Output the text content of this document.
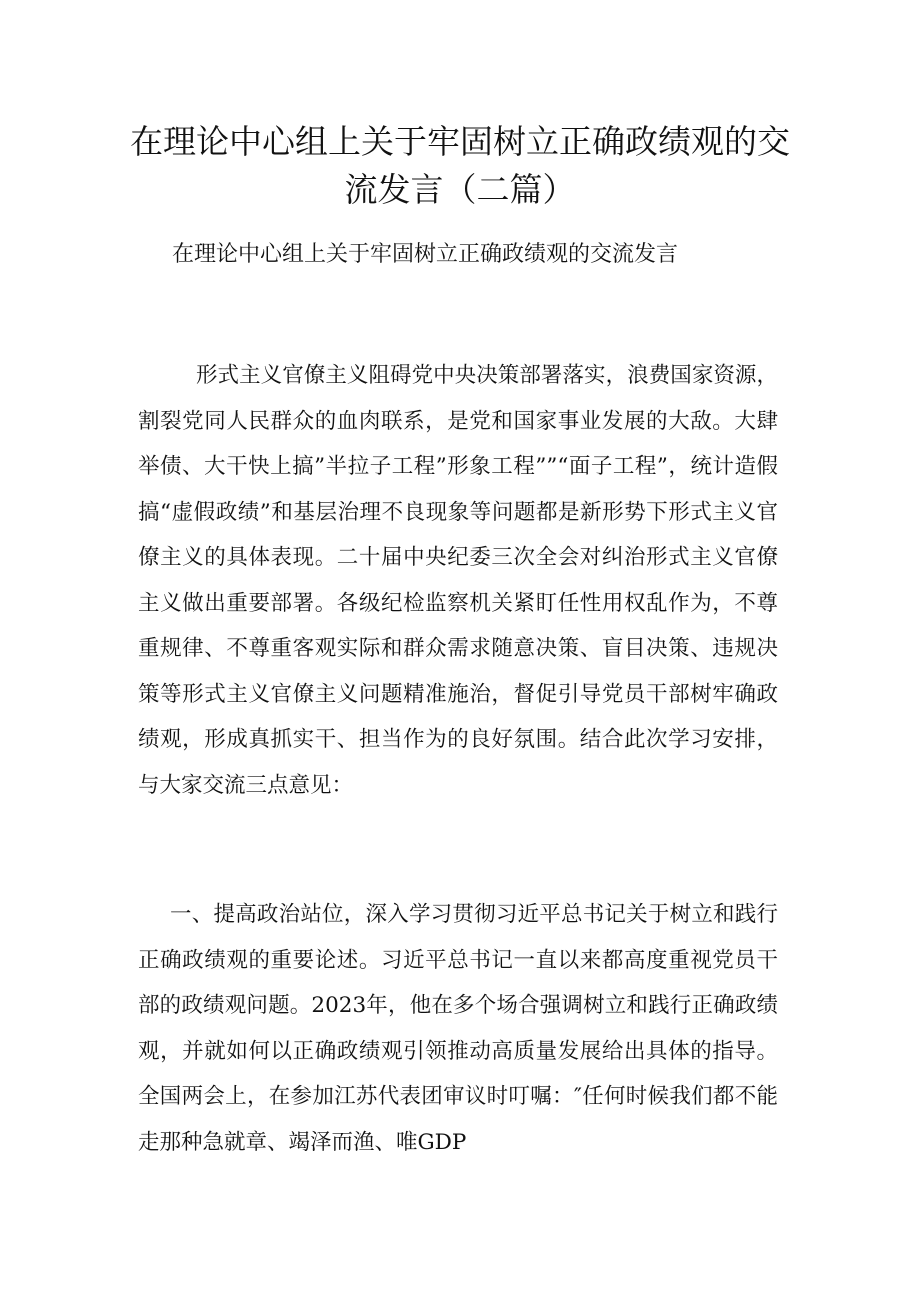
在理论中心组上关于牢固树立正确政绩观的交流发言（二篇）
在理论中心组上关于牢固树立正确政绩观的交流发言

形式主义官僚主义阻碍党中央决策部署落实，浪费国家资源，割裂党同人民群众的血肉联系，是党和国家事业发展的大敌。大肆举债、大干快上搞”半拉子工程”形象工程””“面子工程”，统计造假搞“虚假政绩”和基层治理不良现象等问题都是新形势下形式主义官僚主义的具体表现。二十届中央纪委三次全会对纠治形式主义官僚主义做出重要部署。各级纪检监察机关紧盯任性用权乱作为，不尊重规律、不尊重客观实际和群众需求随意决策、盲目决策、违规决策等形式主义官僚主义问题精准施治，督促引导党员干部树牢确政绩观，形成真抓实干、担当作为的良好氛围。结合此次学习安排，与大家交流三点意见：

一、提高政治站位，深入学习贯彻习近平总书记关于树立和践行正确政绩观的重要论述。习近平总书记一直以来都高度重视党员干部的政绩观问题。2023年，他在多个场合强调树立和践行正确政绩观，并就如何以正确政绩观引领推动高质量发展给出具体的指导。全国两会上，在参加江苏代表团审议时叮嘱：″任何时候我们都不能走那种急就章、竭泽而渔、唯GDP
